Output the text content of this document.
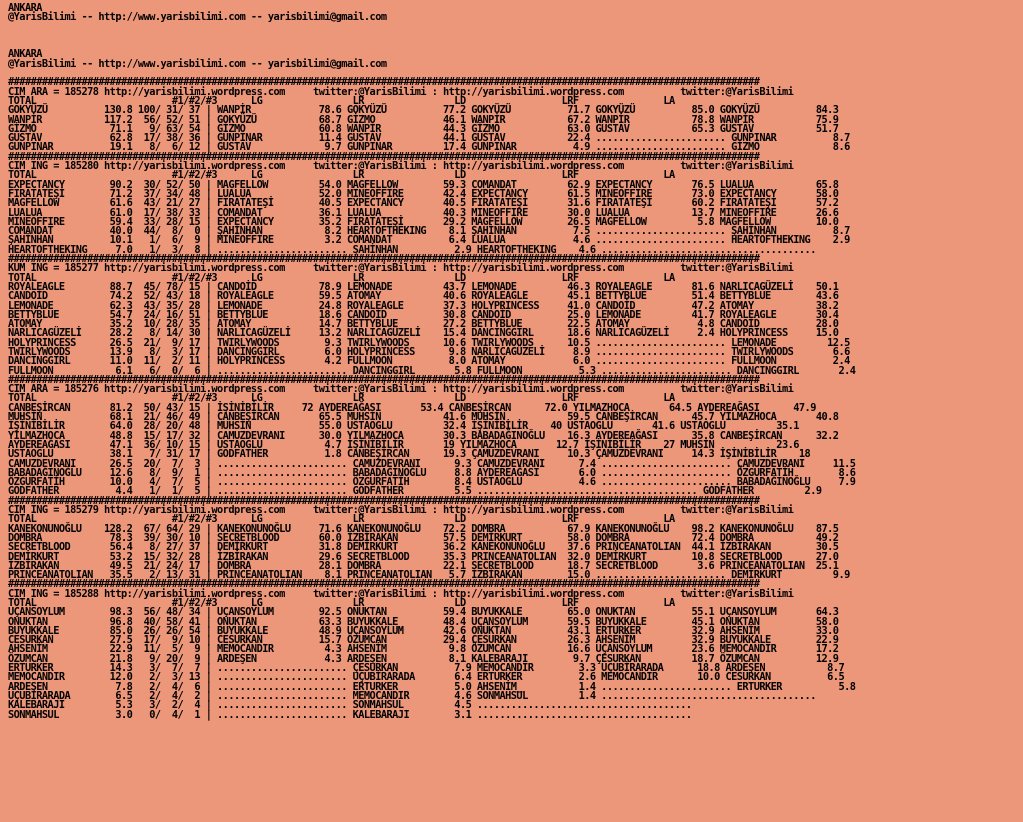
ANKARA
@YarisBilimi -- http://www.yarisbilimi.com -- yarisbilimi@gmail.com

ANKARA
@YarisBilimi -- http://www.yarisbilimi.com -- yarisbilimi@gmail.com

#####################################################################################################################################
CIM ARA = 185278 http://yarisbilimi.wordpress.com     twitter:@YarisBilimi : http://yarisbilimi.wordpress.com          twitter:@YarisBilimi
TOTAL                        #1/#2/#3      LG                LR                LD                 LRF               LA
GOKYÜZÜ          130.8 100/ 31/ 37 | WANPİR            78.6 GOKYÜZÜ          77.2 GOKYÜZÜ          71.7 GOKYÜZÜ          85.0 GOKYÜZÜ          84.3
WANPİR           117.2  56/ 52/ 51 | GOKYÜZÜ           68.7 GİZMO            46.1 WANPİR           67.2 WANPİR           78.8 WANPİR           75.9
GİZMO             71.1   9/ 63/ 54 | GİZMO             60.8 WANPİR           44.3 GİZMO            63.0 GUSTAV           65.3 GUSTAV           51.7
GUSTAV            62.8  17/ 38/ 36 | GUNPINAR          11.4 GUSTAV           44.1 GUSTAV           22.4 ....................... GUNPINAR          8.7
GUNPINAR          19.1   8/  6/ 12 | GUSTAV             9.7 GUNPINAR         17.4 GUNPINAR          4.9 ....................... GİZMO             8.6
#####################################################################################################################################
CIM ING = 185280 http://yarisbilimi.wordpress.com     twitter:@YarisBilimi : http://yarisbilimi.wordpress.com          twitter:@YarisBilimi
TOTAL                        #1/#2/#3      LG                LR                LD                 LRF               LA
EXPECTANCY        90.2  30/ 52/ 50 | MAGFELLOW         54.0 MAGFELLOW        59.3 COMANDAT         62.9 EXPECTANCY       76.5 LUALUA           65.8
FIRATATEŞİ        71.2  37/ 34/ 48 | LUALUA            52.0 MINEOFFIRE       42.4 EXPECTANCY       61.5 MINEOFFIRE       73.0 EXPECTANCY       58.0
MAGFELLOW         61.6  43/ 21/ 27 | FIRATATEŞİ        40.5 EXPECTANCY       40.5 FIRATATEŞİ       31.6 FIRATATEŞİ       60.2 FIRATATEŞİ       57.2
LUALUA            61.0  17/ 38/ 33 | COMANDAT          36.1 LUALUA           40.3 MINEOFFIRE       30.0 LUALUA           13.7 MINEOFFIRE       26.6
MINEOFFIRE        59.4  33/ 28/ 15 | EXPECTANCY        35.2 FIRATATEŞİ       29.2 MAGFELLOW        26.5 MAGFELLOW         5.8 MAGFELLOW        10.0
COMANDAT          40.0  44/  8/  0 | ŞAHİNHAN           8.2 HEARTOFTHEKING    8.1 ŞAHİNHAN          7.5 ....................... ŞAHİNHAN          8.7
ŞAHİNHAN          10.1   1/  6/  9 | MINEOFFIRE         3.2 COMANDAT          6.4 LUALUA            4.6 ....................... HEARTOFTHEKING    2.9
HEARTOFTHEKING     7.0   1/  3/  8 | ....................... ŞAHİNHAN          2.9 HEARTOFTHEKING    4.6 ......................................
#####################################################################################################################################
KUM ING = 185277 http://yarisbilimi.wordpress.com     twitter:@YarisBilimi : http://yarisbilimi.wordpress.com          twitter:@YarisBilimi
TOTAL                        #1/#2/#3      LG                LR                LD                 LRF               LA
ROYALEAGLE        88.7  45/ 78/ 15 | CANDOİD           78.9 LEMONADE         43.7 LEMONADE         46.3 ROYALEAGLE       81.6 NARLICAGÜZELİ    50.1
CANDOİD           74.2  52/ 43/ 18 | ROYALEAGLE        59.5 ATOMAY           40.6 ROYALEAGLE       45.1 BETTYBLUE        51.4 BETTYBLUE        43.6
LEMONADE          62.3  43/ 35/ 28 | LEMONADE          24.8 ROYALEAGLE       37.3 HOLYPRINCESS     41.0 CANDOİD          47.2 ATOMAY           38.2
BETTYBLUE         54.7  24/ 16/ 51 | BETTYBLUE         18.6 CANDOİD          30.8 CANDOİD          25.0 LEMONADE         41.7 ROYALEAGLE       30.4
ATOMAY            35.2  10/ 28/ 35 | ATOMAY            14.7 BETTYBLUE        27.2 BETTYBLUE        22.5 ATOMAY            4.8 CANDOİD          28.0
NARLICAGÜZELİ     28.2   8/ 14/ 30 | NARLICAGÜZELİ     13.2 NARLICAGÜZELİ    15.4 DANCINGGIRL      18.6 NARLICAGÜZELİ     2.4 HOLYPRINCESS     15.0
HOLYPRINCESS      26.5  21/  9/ 17 | TWIRLYWOODS        9.3 TWIRLYWOODS      10.6 TWIRLYWOODS      10.5 ....................... LEMONADE         12.5
TWIRLYWOODS       13.9   8/  3/ 17 | DANCINGGIRL        6.0 HOLYPRINCESS      9.8 NARLICAGÜZELİ     8.9 ....................... TWIRLYWOODS       6.6
DANCINGGIRL       11.0  11/  2/ 11 | HOLYPRINCESS       4.2 FULLMOON          8.0 ATOMAY            6.0 ....................... FULLMOON          2.4
FULLMOON           6.1   6/  0/  6 | ....................... DANCINGGIRL       5.8 FULLMOON          5.3 ....................... DANCINGGIRL       2.4
#####################################################################################################################################
CIM ARA = 185276 http://yarisbilimi.wordpress.com     twitter:@YarisBilimi : http://yarisbilimi.wordpress.com          twitter:@YarisBilimi
TOTAL                        #1/#2/#3      LG                LR                LD                 LRF               LA
CANBEŞİRCAN       81.2  50/ 43/ 15 | İŞİNİBİLİR     72 AYDEREAĞASI       53.4 CANBEŞİRCAN      72.0 YILMAZHOCA       64.5 AYDEREAĞASI      47.9
MUHSİN            68.1  21/ 46/ 49 | CANBEŞİRCAN       65.5 MUHSİN           41.6 MUHSİN           59.5 CANBEŞİRCAN      45.7 YILMAZHOCA       40.8
İŞİNİBİLİR        64.0  28/ 20/ 48 | MUHSİN            55.0 USTAOGLU         32.4 İŞİNİBİLİR    40 USTAOGLU       41.6 USTAOGLU         35.1
YILMAZHOCA        48.8  15/ 17/ 32 | CAMUZDEVRANI      30.0 YILMAZHOCA       30.3 BABADAĞINOĞLU    16.3 AYDEREAĞASI      35.8 CANBEŞİRCAN      32.2
AYDEREAĞASI       47.1  36/ 10/ 15 | USTAOGLU           4.7 İŞİNİBİLİR       19 YILMAZHOCA       12.7 İŞİNİBİLİR    27 MUHSİN           23.6
USTAOGLU          38.1   7/ 31/ 17 | GODFATHER          1.8 CANBEŞİRCAN      19.3 ÇAMUZDEVRANI     10.3 ÇAMUZDEVRANI     14.3 İŞİNİBİLİR    18
CAMUZDEVRANI      26.5  20/  7/  3 | ....................... CAMUZDEVRANI      9.3 CAMUZDEVRANI      7.4 ....................... ÇAMUZDEVRANI     11.5
BABADAĞINOĞLU     12.6   8/  9/  1 | ....................... BABADAĞINOĞLU     8.8 AYDEREAĞASI       6.0 ....................... ÖZGURFATİH        8.6
ÖZGURFATİH        10.0   4/  7/  5 | ....................... ÖZGURFATİH        8.4 USTAOGLU          4.6 ....................... BABADAĞINOĞLU     7.9
GODFATHER          4.4   1/  1/  5 | ....................... GODFATHER         5.5 ....................................... GODFATHER         2.9
#####################################################################################################################################
CIM ING = 185279 http://yarisbilimi.wordpress.com     twitter:@YarisBilimi : http://yarisbilimi.wordpress.com          twitter:@YarisBilimi
TOTAL                        #1/#2/#3      LG                LR                LD                 LRF               LA
KANEKONUNOĞLU    128.2  67/ 64/ 29 | KANEKONUNOĞLU     71.6 KANEKONUNOĞLU    72.2 DOMBRA           67.9 KANEKONUNOĞLU    98.2 KANEKONUNOĞLU    87.5
DOMBRA            78.3  39/ 30/ 10 | SECRETBLOOD       60.0 İZBİRAKAN        57.5 DEMİRKURT        58.0 DOMBRA           72.4 DOMBRA           49.2
SECRETBLOOD       56.4   8/ 27/ 37 | DEMİRKURT         31.8 DEMİRKURT        36.2 KANEKONUNOĞLU    37.6 PRINCEANATOLIAN  44.1 İZBİRAKAN        30.5
DEMİRKURT         53.2  15/ 32/ 28 | İZBİRAKAN         29.6 SECRETBLOOD      35.3 PRINCEANATOLIAN  32.0 DEMİRKURT        10.8 SECRETBLOOD      27.0
İZBİRAKAN         49.5  21/ 24/ 17 | DOMBRA            28.1 DOMBRA           22.1 SECRETBLOOD      18.7 SECRETBLOOD       3.6 PRINCEANATOLIAN  25.1
PRINCEANATOLIAN   35.5   2/ 13/ 31 | PRINCEANATOLIAN    8.1 PRINCEANATOLIAN   5.7 İZBİRAKAN        15.0 ....................... DEMİRKURT         9.9
#####################################################################################################################################
CIM ING = 185288 http://yarisbilimi.wordpress.com     twitter:@YarisBilimi : http://yarisbilimi.wordpress.com          twitter:@YarisBilimi
TOTAL                        #1/#2/#3      LG                LR                LD                 LRF               LA
UÇANSOYLUM        98.3  56/ 48/ 34 | UÇANSOYLUM        92.5 ONUKTAN          59.4 BUYUKKALE        65.0 ONUKTAN          55.1 UÇANSOYLUM       64.3
ONUKTAN           96.8  40/ 58/ 41 | ONUKTAN           63.3 BUYUKKALE        48.4 UÇANSOYLUM       59.5 BUYUKKALE        45.1 ONUKTAN          58.0
BUYUKKALE         85.0  26/ 26/ 54 | BUYUKKALE         48.9 UÇANSOYLUM       42.6 ONUKTAN          43.1 ERTURKER         32.9 AHSENİM          33.0
CESURKAN          27.5  17/  9/ 10 | CESURKAN          15.7 ÖZUMCAN          29.4 ÇESURKAN         26.3 AHSENİM          32.9 BUYUKKALE        22.9
AHSENİM           22.9  11/  5/  9 | MEMOCANDIR         4.3 AHSENİM           9.8 ÖZUMCAN          16.6 UÇANSOYLUM       23.6 MEMOCANDIR       17.2
ÖZUMCAN           21.8   9/ 20/  9 | ARDEŞEN            4.3 ARDEŞEN           8.1 KALEBARAJI        9.7 ÇESURKAN         18.7 ÖZUMCAN          12.9
ERTURKER          14.3   3/  7/  7 | ....................... ÇESURKAN          7.9 MEMOCANDIR        3.3 UÇUBİRARADA      18.8 ARDEŞEN           8.7
MEMOCANDIR        12.0   2/  3/ 13 | ....................... UÇUBİRARADA       6.4 ERTURKER          2.6 MEMOCANDIR       10.0 CESURKAN          6.5
ARDEŞEN            7.8   2/  4/  6 | ....................... ERTURKER          5.0 AHSENİM_          1.4 ....................... ERTURKER          5.8
UÇUBİRARADA        6.5   2/  4/  2 | ....................... MEMOCANDIR        4.6 SONMAHSUL         1.4 ......................................
KALEBARAJI         5.3   3/  2/  4 | ....................... SONMAHSUL         4.5 ......................................
SONMAHSUL          3.0   0/  4/  1 | ....................... KALEBARAJI        3.1 ......................................
